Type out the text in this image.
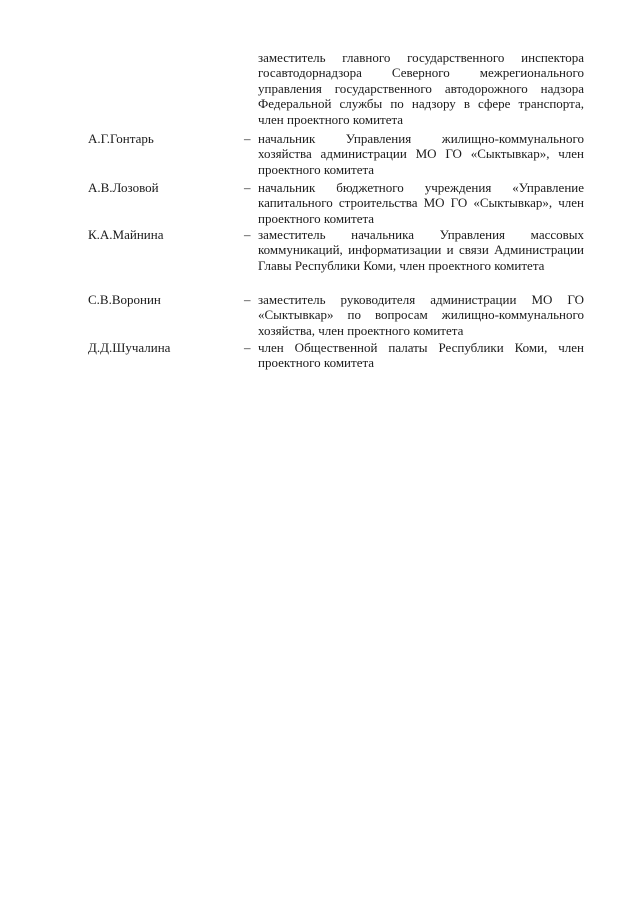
заместитель главного государственного инспектора госавтодорнадзора Северного межрегионального управления государственного автодорожного надзора Федеральной службы по надзору в сфере транспорта, член проектного комитета
А.Г.Гонтарь	– начальник Управления жилищно-коммунального хозяйства администрации МО ГО «Сыктывкар», член проектного комитета
А.В.Лозовой	– начальник бюджетного учреждения «Управление капитального строительства МО ГО «Сыктывкар», член проектного комитета
К.А.Майнина	– заместитель начальника Управления массовых коммуникаций, информатизации и связи Администрации Главы Республики Коми, член проектного комитета
С.В.Воронин	– заместитель руководителя администрации МО ГО «Сыктывкар» по вопросам жилищно-коммунального хозяйства, член проектного комитета
Д.Д.Шучалина	– член Общественной палаты Республики Коми, член проектного комитета
